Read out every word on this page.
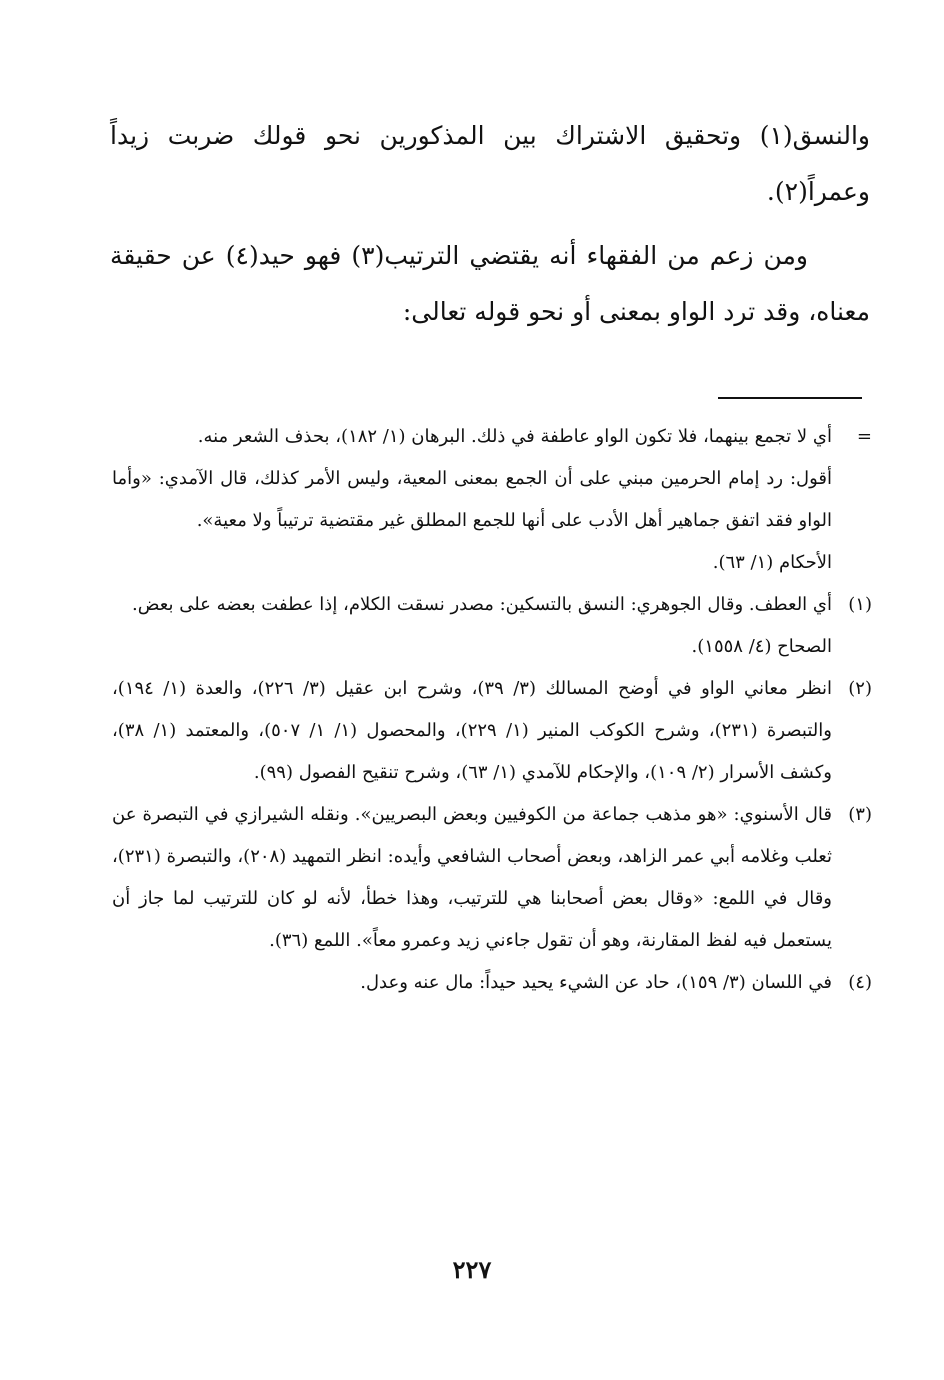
والنسق(١) وتحقيق الاشتراك بين المذكورين نحو قولك ضربت زيداً وعمراً(٢).

ومن زعم من الفقهاء أنه يقتضي الترتيب(٣) فهو حيد(٤) عن حقيقة معناه، وقد ترد الواو بمعنى أو نحو قوله تعالى:

=

أي لا تجمع بينهما، فلا تكون الواو عاطفة في ذلك. البرهان (١/ ١٨٢)، بحذف الشعر منه.

أقول: رد إمام الحرمين مبني على أن الجمع بمعنى المعية، وليس الأمر كذلك، قال الآمدي: «وأما الواو فقد اتفق جماهير أهل الأدب على أنها للجمع المطلق غير مقتضية ترتيباً ولا معية».

الأحكام (١/ ٦٣).

(١)

أي العطف. وقال الجوهري: النسق بالتسكين: مصدر نسقت الكلام، إذا عطفت بعضه على بعض.

الصحاح (٤/ ١٥٥٨).

(٢)

انظر معاني الواو في أوضح المسالك (٣/ ٣٩)، وشرح ابن عقيل (٣/ ٢٢٦)، والعدة (١/ ١٩٤)، والتبصرة (٢٣١)، وشرح الكوكب المنير (١/ ٢٢٩)، والمحصول (١/ ١/ ٥٠٧)، والمعتمد (١/ ٣٨)، وكشف الأسرار (٢/ ١٠٩)، والإحكام للآمدي (١/ ٦٣)، وشرح تنقيح الفصول (٩٩).

(٣)

قال الأسنوي: «هو مذهب جماعة من الكوفيين وبعض البصريين». ونقله الشيرازي في التبصرة عن ثعلب وغلامه أبي عمر الزاهد، وبعض أصحاب الشافعي وأيده: انظر التمهيد (٢٠٨)، والتبصرة (٢٣١)، وقال في اللمع: «وقال بعض أصحابنا هي للترتيب، وهذا خطأ، لأنه لو كان للترتيب لما جاز أن يستعمل فيه لفظ المقارنة، وهو أن تقول جاءني زيد وعمرو معاً». اللمع (٣٦).

(٤)

في اللسان (٣/ ١٥٩)، حاد عن الشيء يحيد حيداً: مال عنه وعدل.

٢٢٧
